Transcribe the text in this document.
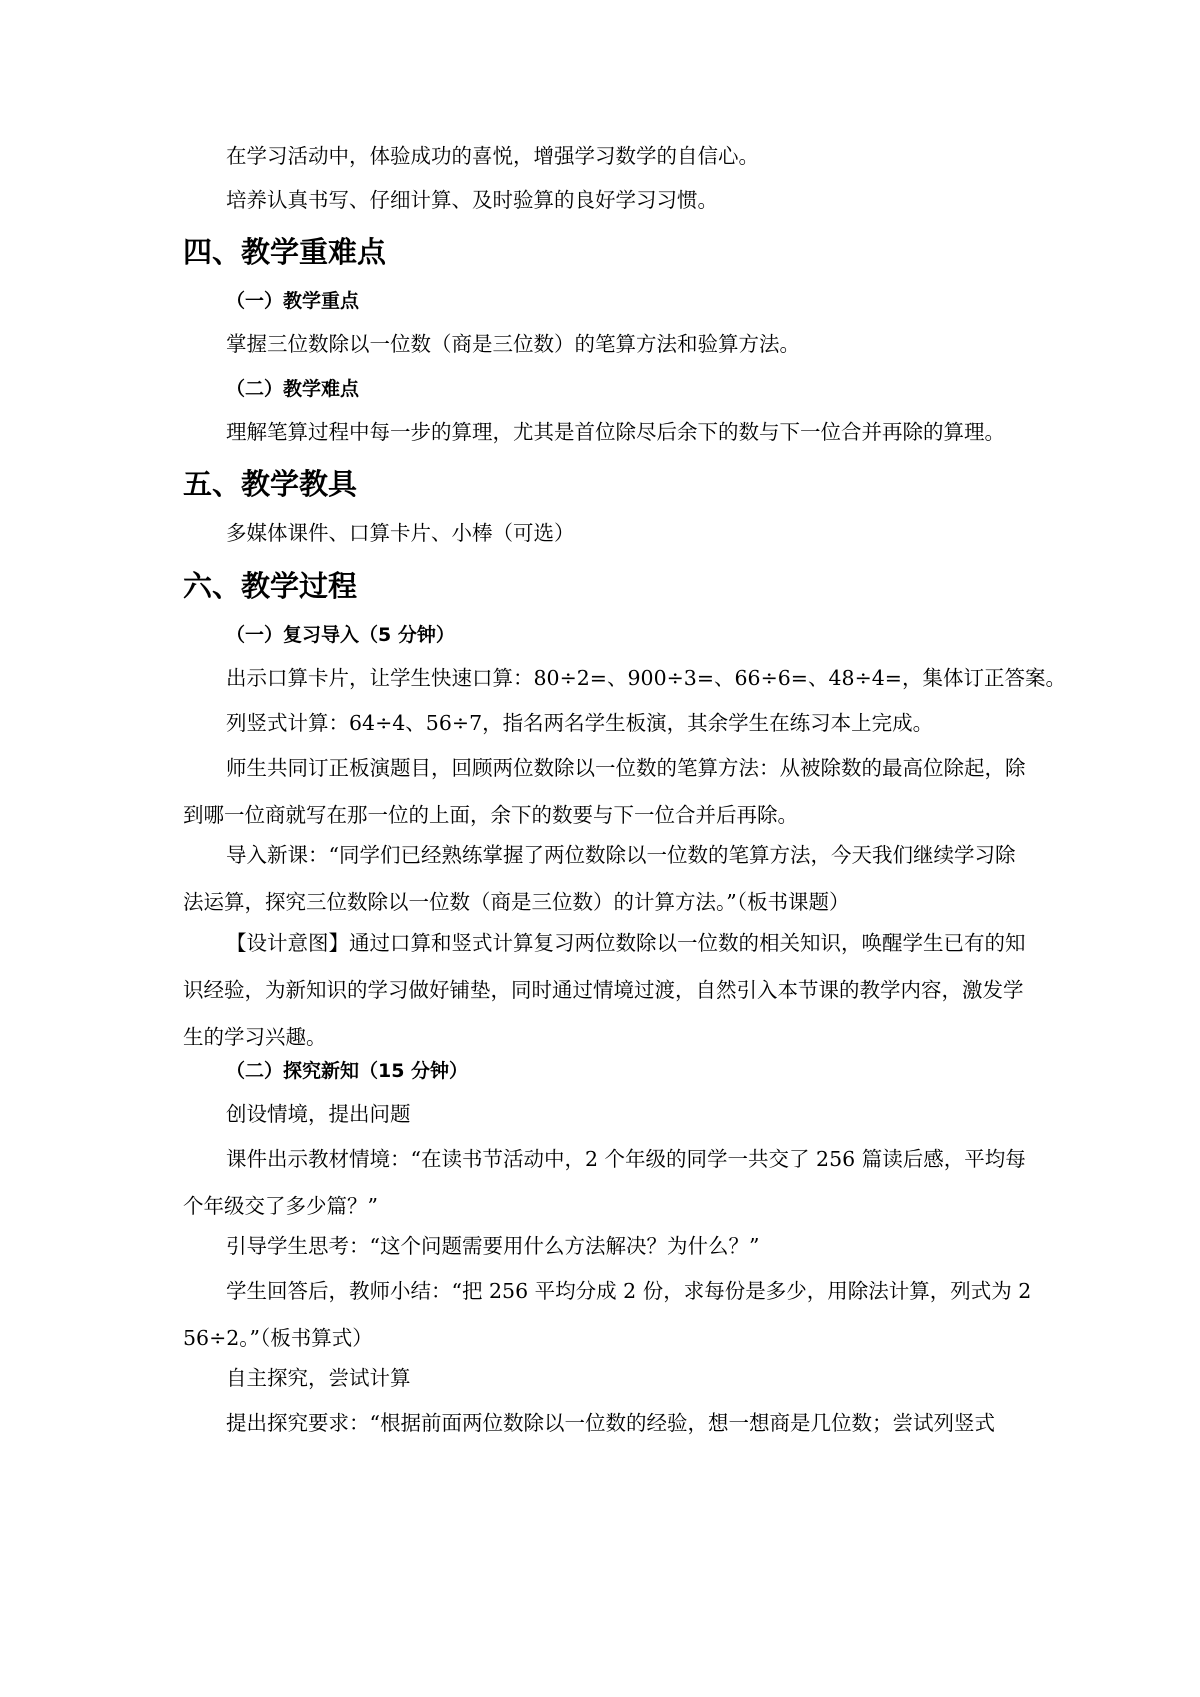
在学习活动中，体验成功的喜悦，增强学习数学的自信心。

培养认真书写、仔细计算、及时验算的良好学习习惯。

四、教学重难点
（一）教学重点

掌握三位数除以一位数（商是三位数）的笔算方法和验算方法。

（二）教学难点

理解笔算过程中每一步的算理，尤其是首位除尽后余下的数与下一位合并再除的算理。

五、教学教具

多媒体课件、口算卡片、小棒（可选）

六、教学过程
（一）复习导入（5 分钟）

出示口算卡片，让学生快速口算：80÷2=、900÷3=、66÷6=、48÷4=，集体订正答案。

列竖式计算：64÷4、56÷7，指名两名学生板演，其余学生在练习本上完成。

师生共同订正板演题目，回顾两位数除以一位数的笔算方法：从被除数的最高位除起，除到哪一位商就写在那一位的上面，余下的数要与下一位合并后再除。

导入新课：“同学们已经熟练掌握了两位数除以一位数的笔算方法，今天我们继续学习除法运算，探究三位数除以一位数（商是三位数）的计算方法。”（板书课题）

【设计意图】通过口算和竖式计算复习两位数除以一位数的相关知识，唤醒学生已有的知识经验，为新知识的学习做好铺垫，同时通过情境过渡，自然引入本节课的教学内容，激发学生的学习兴趣。

（二）探究新知（15 分钟）

创设情境，提出问题

课件出示教材情境：“在读书节活动中，2 个年级的同学一共交了 256 篇读后感，平均每个年级交了多少篇？”

引导学生思考：“这个问题需要用什么方法解决？为什么？”

学生回答后，教师小结：“把 256 平均分成 2 份，求每份是多少，用除法计算，列式为 256÷2。”（板书算式）

自主探究，尝试计算

提出探究要求：“根据前面两位数除以一位数的经验，想一想商是几位数；尝试列竖式
